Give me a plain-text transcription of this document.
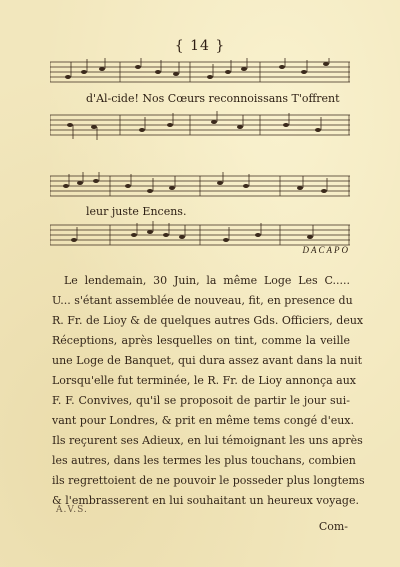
{ 14 }
d'Al-cide! Nos Cœurs reconnoissans T'offrent
leur juste Encens.
DACAPO
Le lendemain, 30 Juin, la même Loge Les C.....
U... s'étant assemblée de nouveau, fit, en presence du
R. Fr. de Lioy & de quelques autres Gds. Officiers, deux
Réceptions, après lesquelles on tint, comme la veille
une Loge de Banquet, qui dura assez avant dans la nuit
Lorsqu'elle fut terminée, le R. Fr. de Lioy annonça aux
F. F. Convives, qu'il se proposoit de partir le jour sui-
vant pour Londres, & prit en même tems congé d'eux.
Ils reçurent ses Adieux, en lui témoignant les uns après
les autres, dans les termes les plus touchans, combien
ils regrettoient de ne pouvoir le posseder plus longtems
& l'embrasserent en lui souhaitant un heureux voyage.
A.V.S.
Com-
